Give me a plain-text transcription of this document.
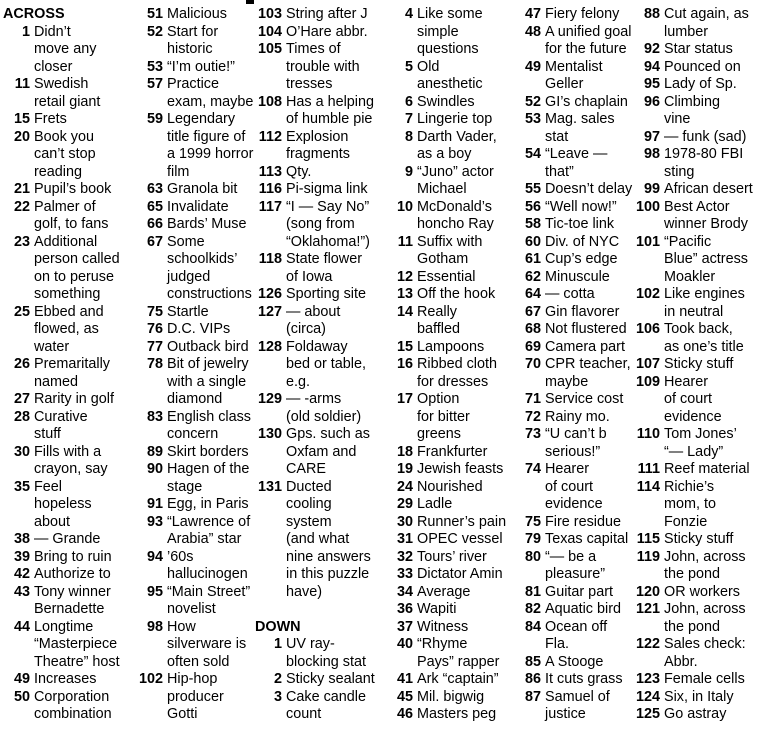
ACROSS
1 Didn’t
move any
closer
11 Swedish
retail giant
15 Frets
20 Book you
can’t stop
reading
21 Pupil’s book
22 Palmer of
golf, to fans
23 Additional
person called
on to peruse
something
25 Ebbed and
flowed, as
water
26 Premaritally
named
27 Rarity in golf
28 Curative
stuff
30 Fills with a
crayon, say
35 Feel
hopeless
about
38 — Grande
39 Bring to ruin
42 Authorize to
43 Tony winner
Bernadette
44 Longtime
“Masterpiece
Theatre” host
49 Increases
50 Corporation
combination
51 Malicious
52 Start for
historic
53 “I’m outie!”
57 Practice
exam, maybe
59 Legendary
title figure of
a 1999 horror
film
63 Granola bit
65 Invalidate
66 Bards’ Muse
67 Some
schoolkids’
judged
constructions
75 Startle
76 D.C. VIPs
77 Outback bird
78 Bit of jewelry
with a single
diamond
83 English class
concern
89 Skirt borders
90 Hagen of the
stage
91 Egg, in Paris
93 “Lawrence of
Arabia” star
94 ’60s
hallucinogen
95 “Main Street”
novelist
98 How
silverware is
often sold
102 Hip-hop
producer
Gotti
103 String after J
104 O’Hare abbr.
105 Times of
trouble with
tresses
108 Has a helping
of humble pie
112 Explosion
fragments
113 Qty.
116 Pi-sigma link
117 “I — Say No”
(song from
“Oklahoma!”)
118 State flower
of Iowa
126 Sporting site
127 — about
(circa)
128 Foldaway
bed or table,
e.g.
129 — -arms
(old soldier)
130 Gps. such as
Oxfam and
CARE
131 Ducted
cooling
system
(and what
nine answers
in this puzzle
have)
DOWN
1 UV ray-
blocking stat
2 Sticky sealant
3 Cake candle
count
4 Like some
simple
questions
5 Old
anesthetic
6 Swindles
7 Lingerie top
8 Darth Vader,
as a boy
9 “Juno” actor
Michael
10 McDonald’s
honcho Ray
11 Suffix with
Gotham
12 Essential
13 Off the hook
14 Really
baffled
15 Lampoons
16 Ribbed cloth
for dresses
17 Option
for bitter
greens
18 Frankfurter
19 Jewish feasts
24 Nourished
29 Ladle
30 Runner’s pain
31 OPEC vessel
32 Tours’ river
33 Dictator Amin
34 Average
36 Wapiti
37 Witness
40 “Rhyme
Pays” rapper
41 Ark “captain”
45 Mil. bigwig
46 Masters peg
47 Fiery felony
48 A unified goal
for the future
49 Mentalist
Geller
52 GI’s chaplain
53 Mag. sales
stat
54 “Leave —
that”
55 Doesn’t delay
56 “Well now!”
58 Tic-toe link
60 Div. of NYC
61 Cup’s edge
62 Minuscule
64 — cotta
67 Gin flavorer
68 Not flustered
69 Camera part
70 CPR teacher,
maybe
71 Service cost
72 Rainy mo.
73 “U can’t b
serious!”
74 Hearer
of court
evidence
75 Fire residue
79 Texas capital
80 “— be a
pleasure”
81 Guitar part
82 Aquatic bird
84 Ocean off
Fla.
85 A Stooge
86 It cuts grass
87 Samuel of
justice
88 Cut again, as
lumber
92 Star status
94 Pounced on
95 Lady of Sp.
96 Climbing
vine
97 — funk (sad)
98 1978-80 FBI
sting
99 African desert
100 Best Actor
winner Brody
101 “Pacific
Blue” actress
Moakler
102 Like engines
in neutral
106 Took back,
as one’s title
107 Sticky stuff
109 Hearer
of court
evidence
110 Tom Jones’
“— Lady”
111 Reef material
114 Richie’s
mom, to
Fonzie
115 Sticky stuff
119 John, across
the pond
120 OR workers
121 John, across
the pond
122 Sales check:
Abbr.
123 Female cells
124 Six, in Italy
125 Go astray
